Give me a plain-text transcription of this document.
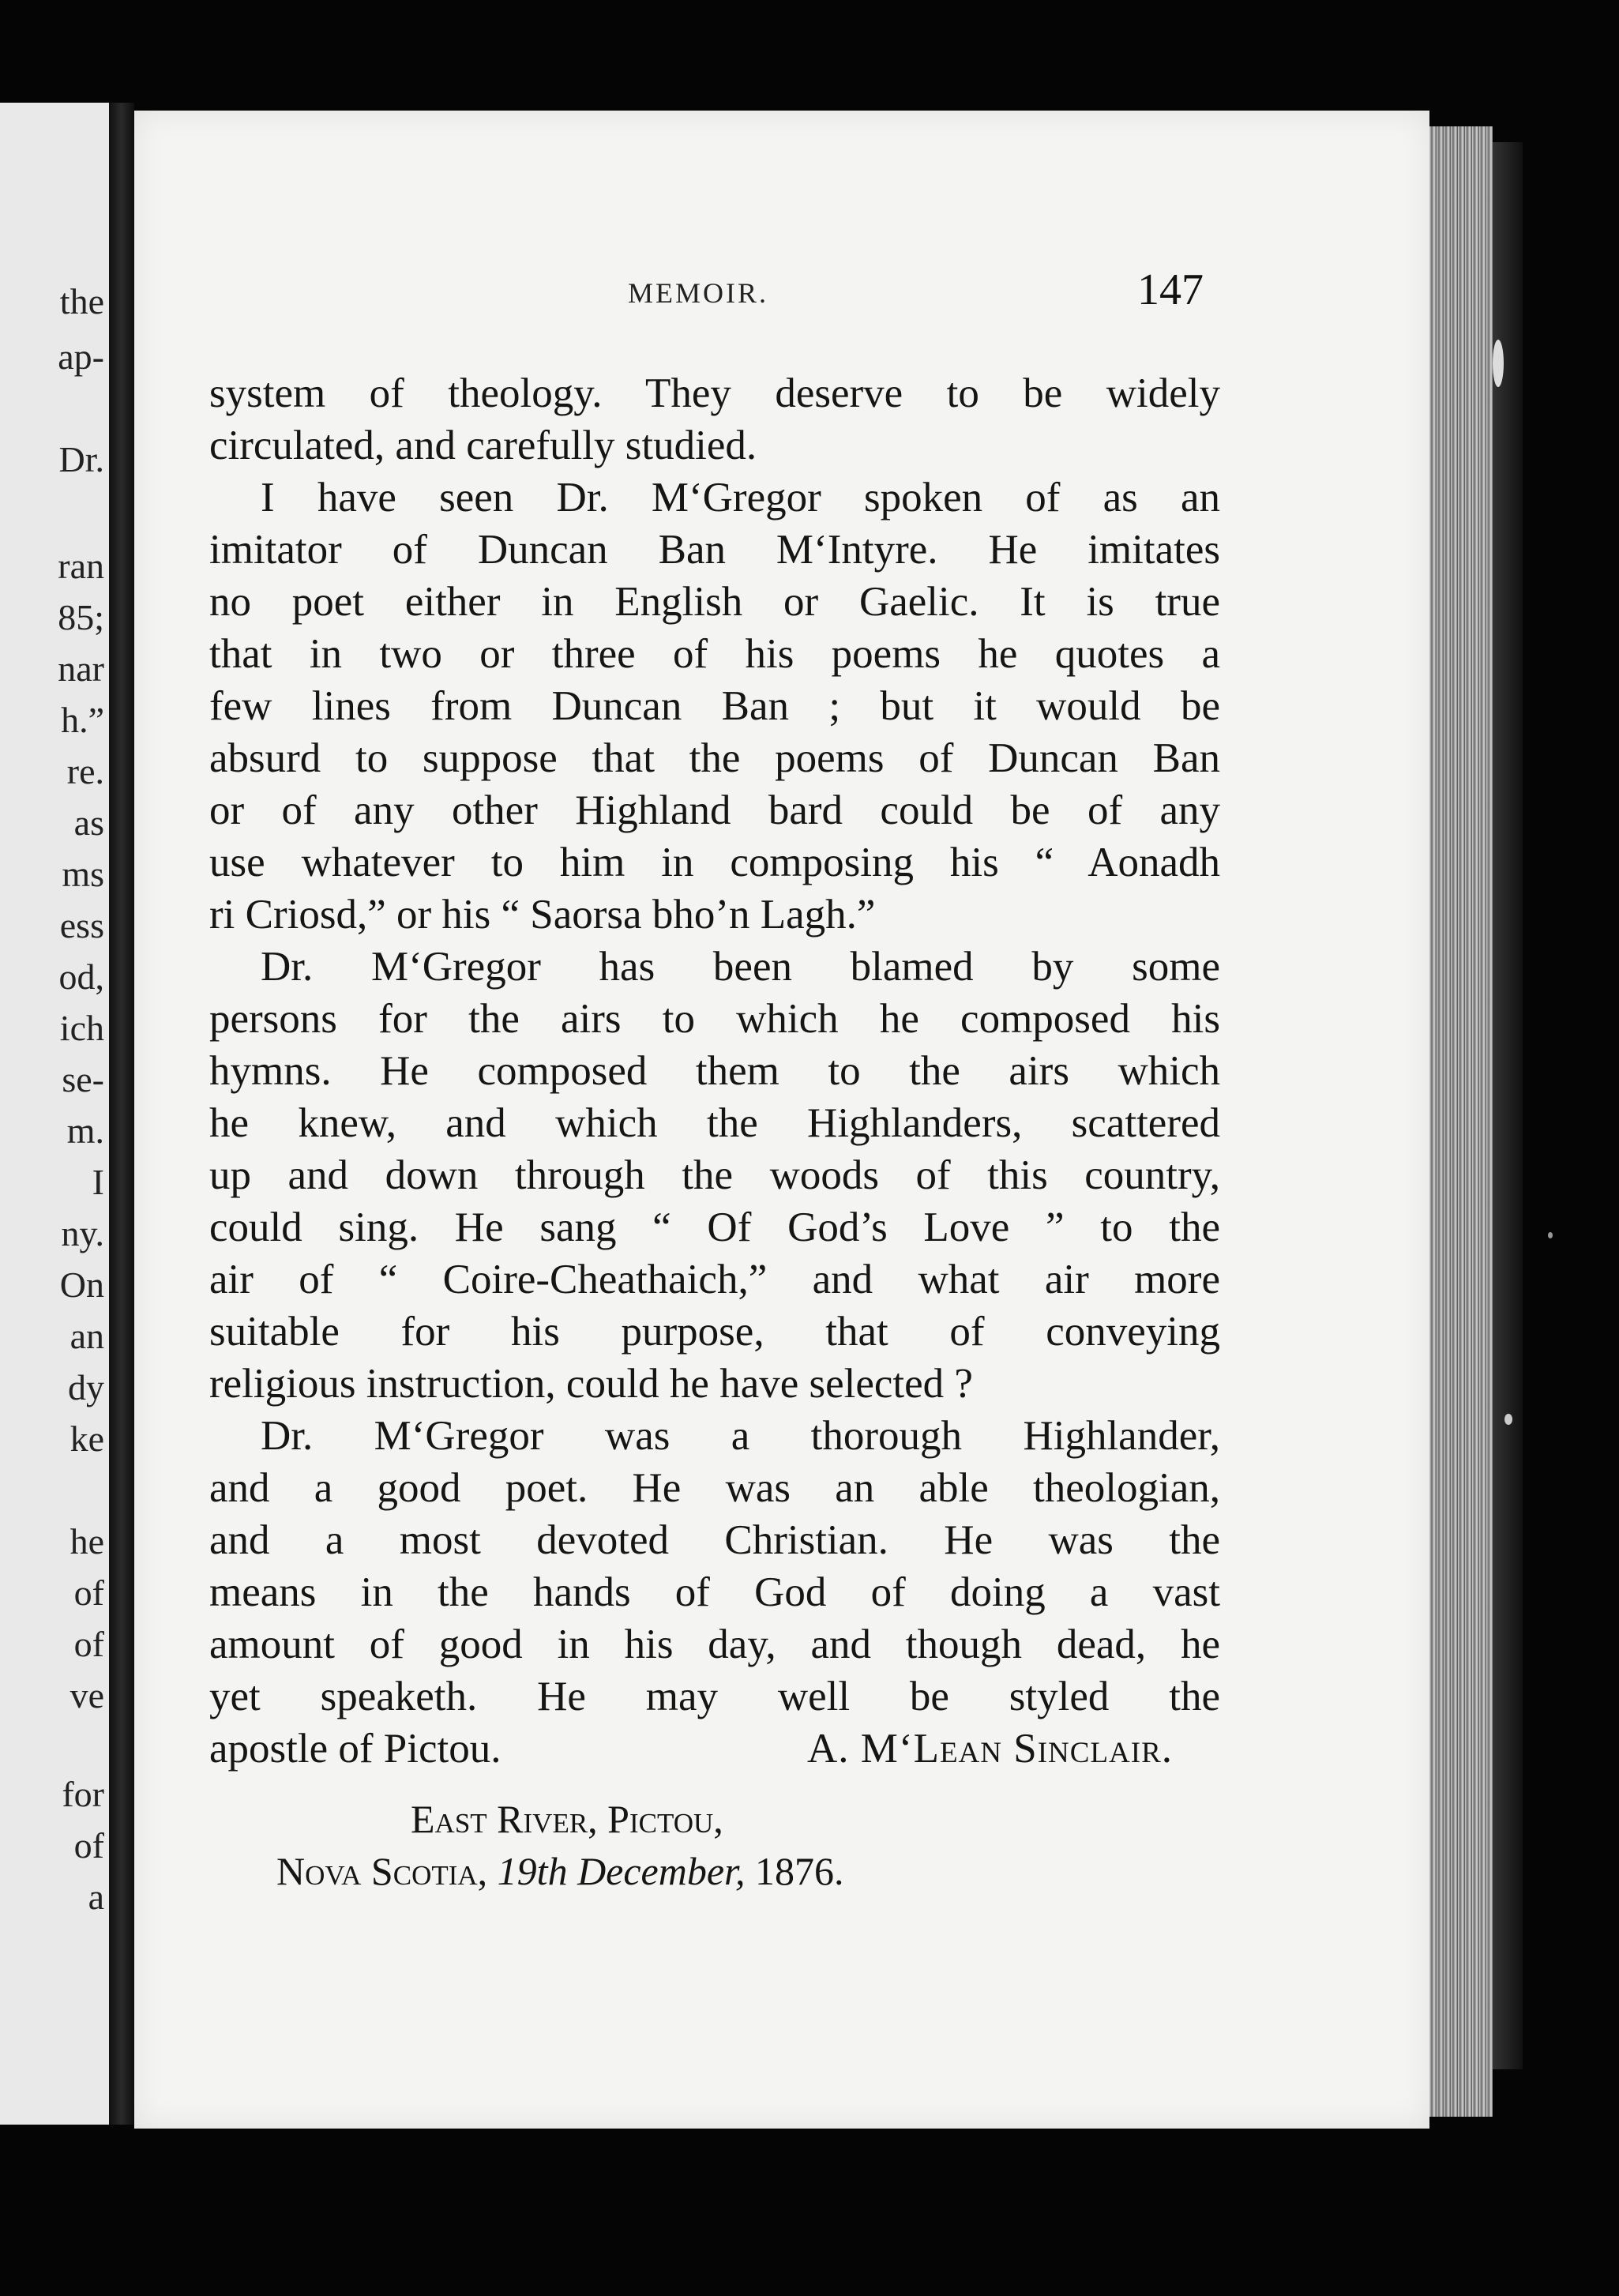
the
ap-
Dr.
ran
85;
nar
h.”
re.
as
ms
ess
od,
ich
se-
m.
I
ny.
On
an
dy
ke
he
of
of
ve
for
of
a
MEMOIR.	147
system of theology. They deserve to be widely
circulated, and carefully studied.
I have seen Dr. M‘Gregor spoken of as an
imitator of Duncan Ban M‘Intyre. He imitates
no poet either in English or Gaelic. It is true
that in two or three of his poems he quotes a
few lines from Duncan Ban ; but it would be
absurd to suppose that the poems of Duncan Ban
or of any other Highland bard could be of any
use whatever to him in composing his “ Aonadh
ri Criosd,” or his “ Saorsa bho’n Lagh.”
Dr. M‘Gregor has been blamed by some
persons for the airs to which he composed his
hymns. He composed them to the airs which
he knew, and which the Highlanders, scattered
up and down through the woods of this country,
could sing. He sang “ Of God’s Love ” to the
air of “ Coire-Cheathaich,” and what air more
suitable for his purpose, that of conveying
religious instruction, could he have selected ?
Dr. M‘Gregor was a thorough Highlander,
and a good poet. He was an able theologian,
and a most devoted Christian. He was the
means in the hands of God of doing a vast
amount of good in his day, and though dead, he
yet speaketh. He may well be styled the
apostle of Pictou.	A. M‘Lean Sinclair.
East River, Pictou,
Nova Scotia, 19th December, 1876.
